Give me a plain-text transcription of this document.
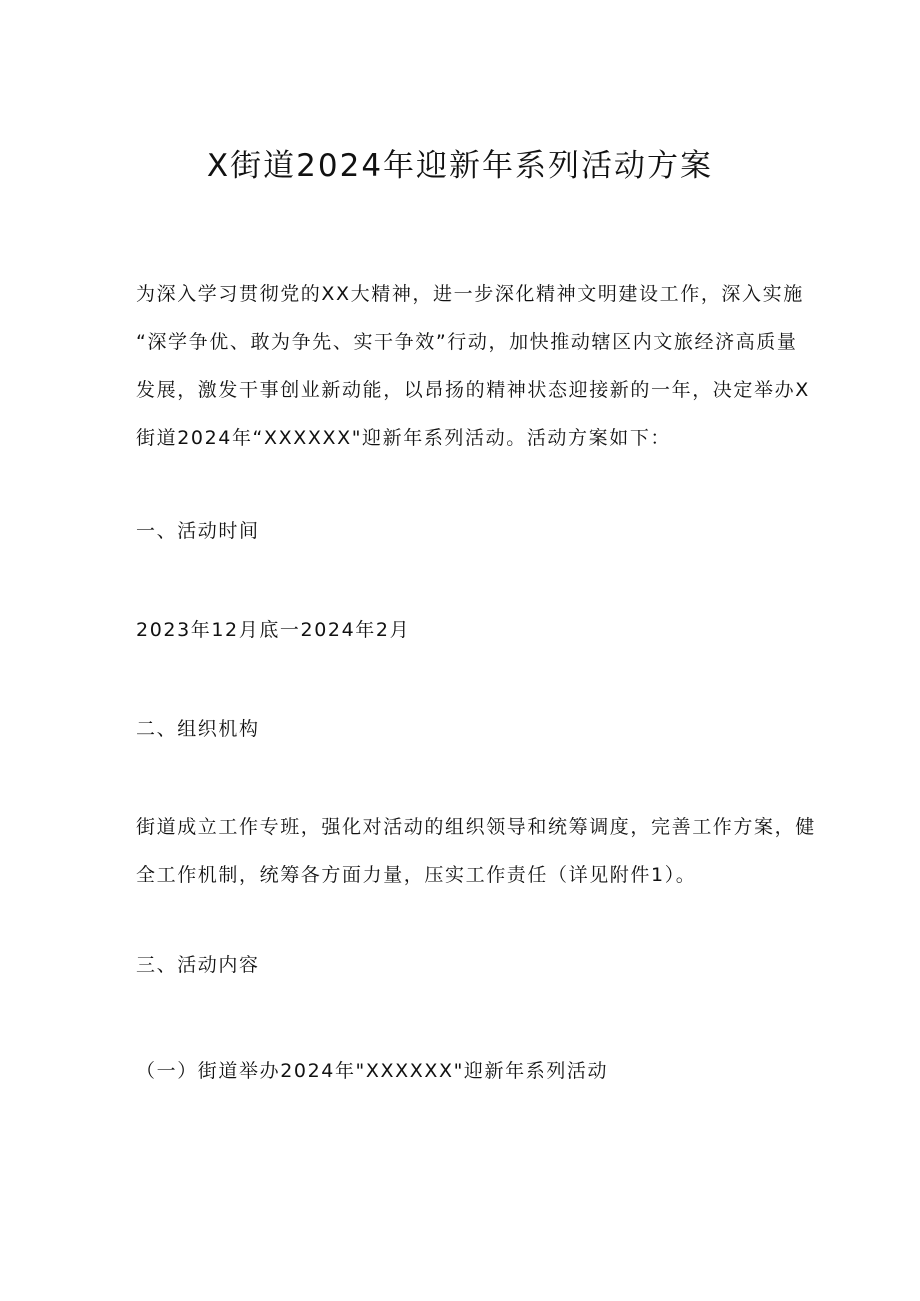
X街道2024年迎新年系列活动方案

为深入学习贯彻党的XX大精神，进一步深化精神文明建设工作，深入实施
“深学争优、敢为争先、实干争效”行动，加快推动辖区内文旅经济高质量
发展，激发干事创业新动能，以昂扬的精神状态迎接新的一年，决定举办X
街道2024年“XXXXXX"迎新年系列活动。活动方案如下：

一、活动时间

2023年12月底一2024年2月

二、组织机构

街道成立工作专班，强化对活动的组织领导和统筹调度，完善工作方案，健
全工作机制，统筹各方面力量，压实工作责任（详见附件1）。

三、活动内容

（一）街道举办2024年"XXXXXX"迎新年系列活动
